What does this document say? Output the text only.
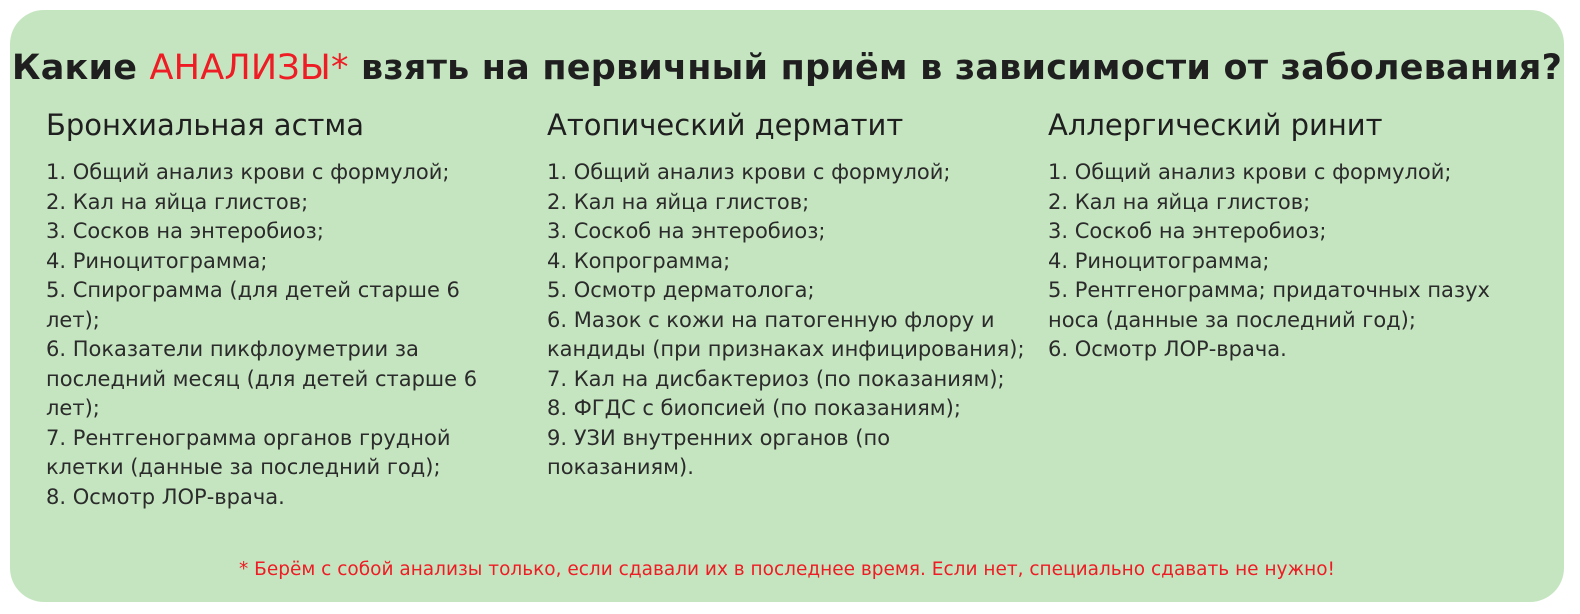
Какие АНАЛИЗЫ* взять на первичный приём в зависимости от заболевания?
Бронхиальная астма
1. Общий анализ крови с формулой;
2. Кал на яйца глистов;
3. Сосков на энтеробиоз;
4. Риноцитограмма;
5. Спирограмма (для детей старше 6 лет);
6. Показатели пикфлоуметрии за последний месяц (для детей старше 6 лет);
7. Рентгенограмма органов грудной клетки (данные за последний год);
8. Осмотр ЛОР-врача.
Атопический дерматит
1. Общий анализ крови с формулой;
2. Кал на яйца глистов;
3. Соскоб на энтеробиоз;
4. Копрограмма;
5. Осмотр дерматолога;
6. Мазок с кожи на патогенную флору и кандиды (при признаках инфицирования);
7. Кал на дисбактериоз (по показаниям);
8. ФГДС с биопсией (по показаниям);
9. УЗИ внутренних органов (по показаниям).
Аллергический ринит
1. Общий анализ крови с формулой;
2. Кал на яйца глистов;
3. Соскоб на энтеробиоз;
4. Риноцитограмма;
5. Рентгенограмма; придаточных пазух носа (данные за последний год);
6. Осмотр ЛОР-врача.
* Берём с собой анализы только, если сдавали их в последнее время. Если нет, специально сдавать не нужно!
